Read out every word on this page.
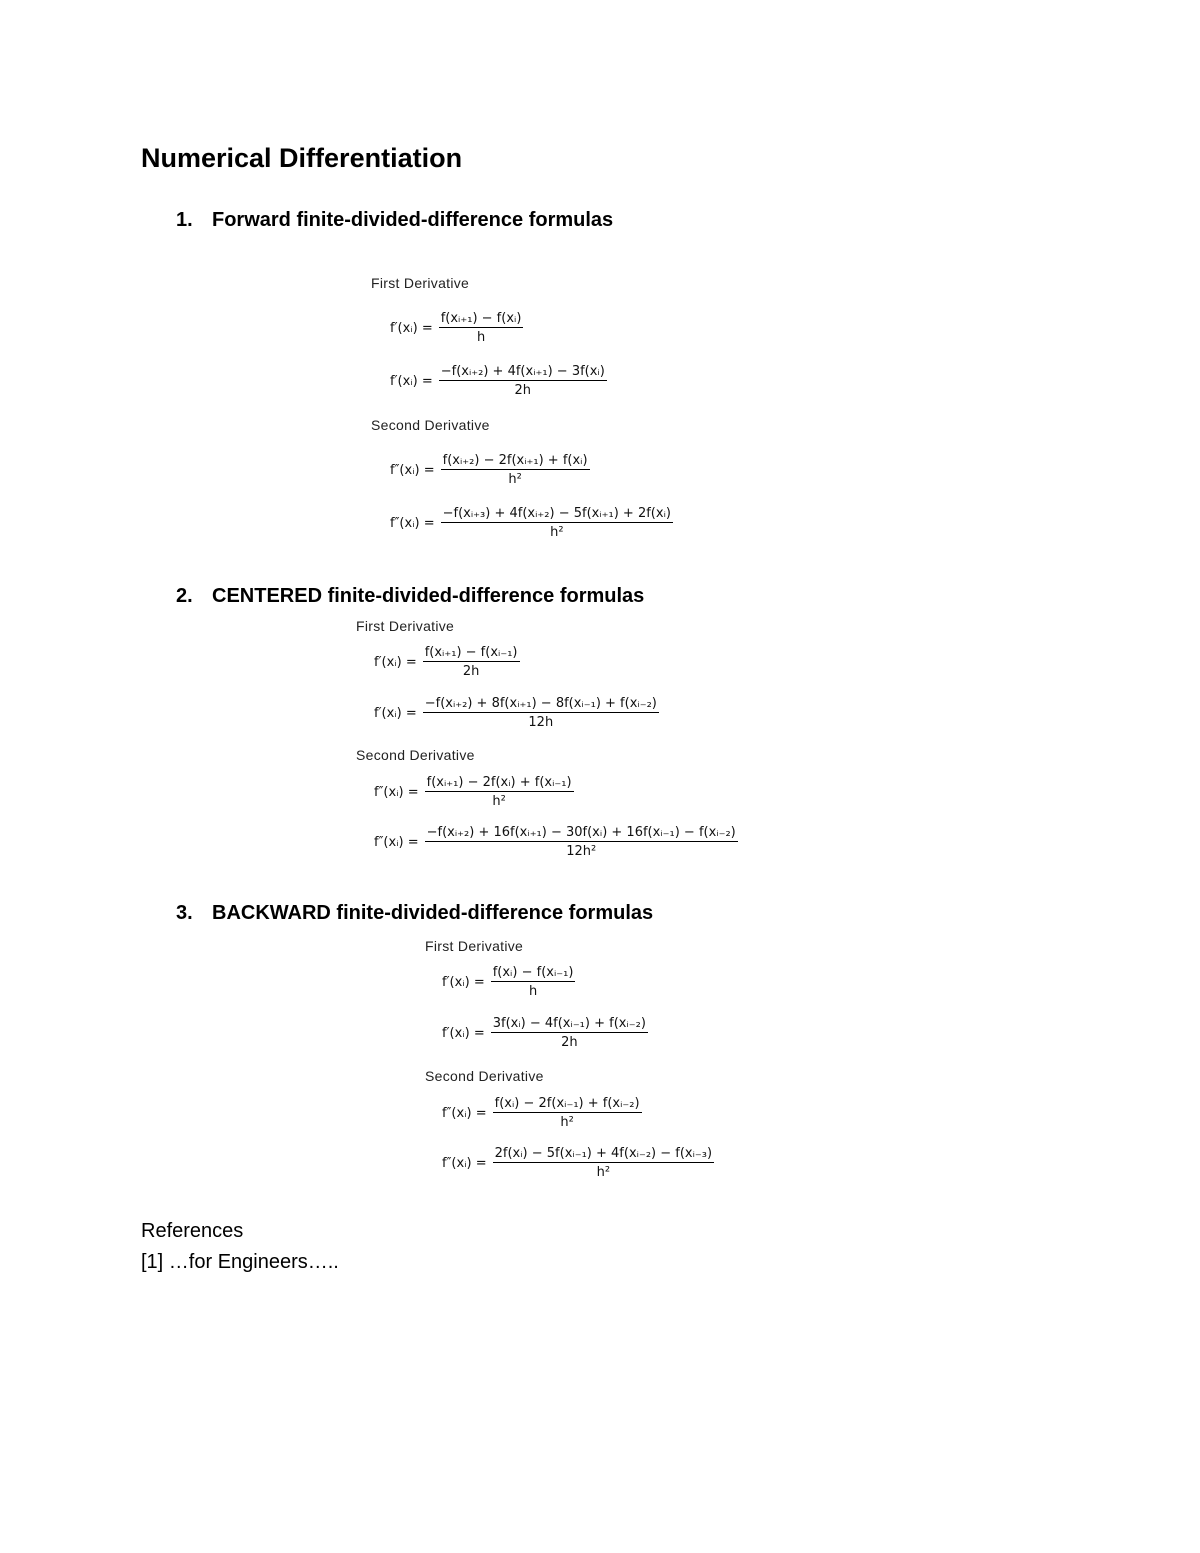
Numerical Differentiation
1. Forward finite-divided-difference formulas
First Derivative
f′(xᵢ) = $\frac{\text{f(xᵢ₊₁) − f(xᵢ)}}{h}$
f′(xᵢ) = $\frac{\text{−f(xᵢ₊₂) + 4f(xᵢ₊₁) − 3f(xᵢ)}}{2h}$
Second Derivative
f″(xᵢ) = $\frac{\text{f(xᵢ₊₂) − 2f(xᵢ₊₁) + f(xᵢ)}}{\text{h²}}$
f″(xᵢ) = $\frac{\text{−f(xᵢ₊₃) + 4f(xᵢ₊₂) − 5f(xᵢ₊₁) + 2f(xᵢ)}}{\text{h²}}$
2. CENTERED finite-divided-difference formulas
First Derivative
f′(xᵢ) = $\frac{\text{f(xᵢ₊₁) − f(xᵢ₋₁)}}{2h}$
f′(xᵢ) = $\frac{\text{−f(xᵢ₊₂) + 8f(xᵢ₊₁) − 8f(xᵢ₋₁) + f(xᵢ₋₂)}}{12h}$
Second Derivative
f″(xᵢ) = $\frac{\text{f(xᵢ₊₁) − 2f(xᵢ) + f(xᵢ₋₁)}}{\text{h²}}$
f″(xᵢ) = $\frac{\text{−f(xᵢ₊₂) + 16f(xᵢ₊₁) − 30f(xᵢ) + 16f(xᵢ₋₁) − f(xᵢ₋₂)}}{\text{12h²}}$
3. BACKWARD finite-divided-difference formulas
First Derivative
f′(xᵢ) = $\frac{\text{f(xᵢ) − f(xᵢ₋₁)}}{h}$
f′(xᵢ) = $\frac{\text{3f(xᵢ) − 4f(xᵢ₋₁) + f(xᵢ₋₂)}}{2h}$
Second Derivative
f″(xᵢ) = $\frac{\text{f(xᵢ) − 2f(xᵢ₋₁) + f(xᵢ₋₂)}}{\text{h²}}$
f″(xᵢ) = $\frac{\text{2f(xᵢ) − 5f(xᵢ₋₁) + 4f(xᵢ₋₂) − f(xᵢ₋₃)}}{\text{h²}}$
References
[1] …for Engineers…..
